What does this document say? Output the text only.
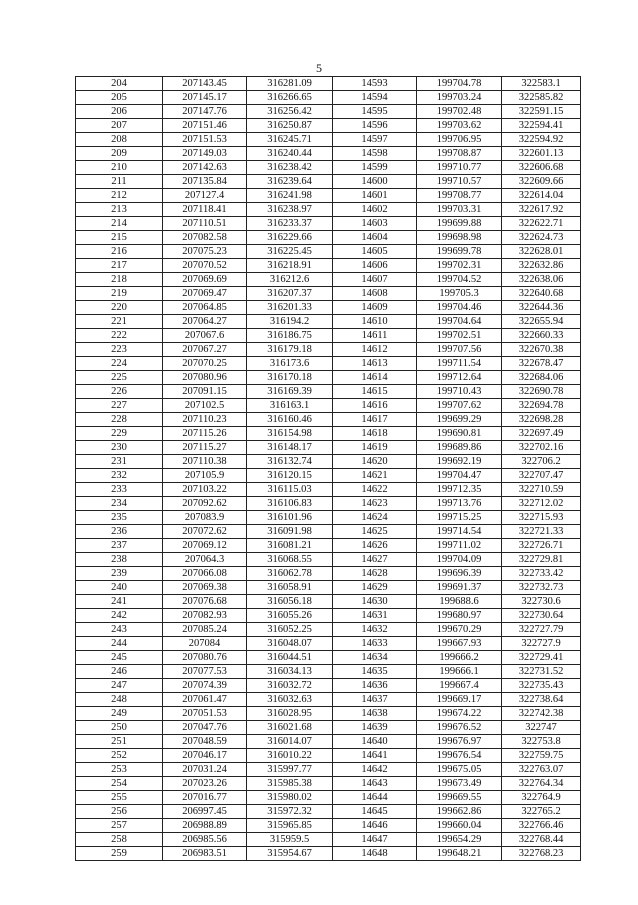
5
204	207143.45	316281.09	14593	199704.78	322583.1
205	207145.17	316266.65	14594	199703.24	322585.82
206	207147.76	316256.42	14595	199702.48	322591.15
207	207151.46	316250.87	14596	199703.62	322594.41
208	207151.53	316245.71	14597	199706.95	322594.92
209	207149.03	316240.44	14598	199708.87	322601.13
210	207142.63	316238.42	14599	199710.77	322606.68
211	207135.84	316239.64	14600	199710.57	322609.66
212	207127.4	316241.98	14601	199708.77	322614.04
213	207118.41	316238.97	14602	199703.31	322617.92
214	207110.51	316233.37	14603	199699.88	322622.71
215	207082.58	316229.66	14604	199698.98	322624.73
216	207075.23	316225.45	14605	199699.78	322628.01
217	207070.52	316218.91	14606	199702.31	322632.86
218	207069.69	316212.6	14607	199704.52	322638.06
219	207069.47	316207.37	14608	199705.3	322640.68
220	207064.85	316201.33	14609	199704.46	322644.36
221	207064.27	316194.2	14610	199704.64	322655.94
222	207067.6	316186.75	14611	199702.51	322660.33
223	207067.27	316179.18	14612	199707.56	322670.38
224	207070.25	316173.6	14613	199711.54	322678.47
225	207080.96	316170.18	14614	199712.64	322684.06
226	207091.15	316169.39	14615	199710.43	322690.78
227	207102.5	316163.1	14616	199707.62	322694.78
228	207110.23	316160.46	14617	199699.29	322698.28
229	207115.26	316154.98	14618	199690.81	322697.49
230	207115.27	316148.17	14619	199689.86	322702.16
231	207110.38	316132.74	14620	199692.19	322706.2
232	207105.9	316120.15	14621	199704.47	322707.47
233	207103.22	316115.03	14622	199712.35	322710.59
234	207092.62	316106.83	14623	199713.76	322712.02
235	207083.9	316101.96	14624	199715.25	322715.93
236	207072.62	316091.98	14625	199714.54	322721.33
237	207069.12	316081.21	14626	199711.02	322726.71
238	207064.3	316068.55	14627	199704.09	322729.81
239	207066.08	316062.78	14628	199696.39	322733.42
240	207069.38	316058.91	14629	199691.37	322732.73
241	207076.68	316056.18	14630	199688.6	322730.6
242	207082.93	316055.26	14631	199680.97	322730.64
243	207085.24	316052.25	14632	199670.29	322727.79
244	207084	316048.07	14633	199667.93	322727.9
245	207080.76	316044.51	14634	199666.2	322729.41
246	207077.53	316034.13	14635	199666.1	322731.52
247	207074.39	316032.72	14636	199667.4	322735.43
248	207061.47	316032.63	14637	199669.17	322738.64
249	207051.53	316028.95	14638	199674.22	322742.38
250	207047.76	316021.68	14639	199676.52	322747
251	207048.59	316014.07	14640	199676.97	322753.8
252	207046.17	316010.22	14641	199676.54	322759.75
253	207031.24	315997.77	14642	199675.05	322763.07
254	207023.26	315985.38	14643	199673.49	322764.34
255	207016.77	315980.02	14644	199669.55	322764.9
256	206997.45	315972.32	14645	199662.86	322765.2
257	206988.89	315965.85	14646	199660.04	322766.46
258	206985.56	315959.5	14647	199654.29	322768.44
259	206983.51	315954.67	14648	199648.21	322768.23
